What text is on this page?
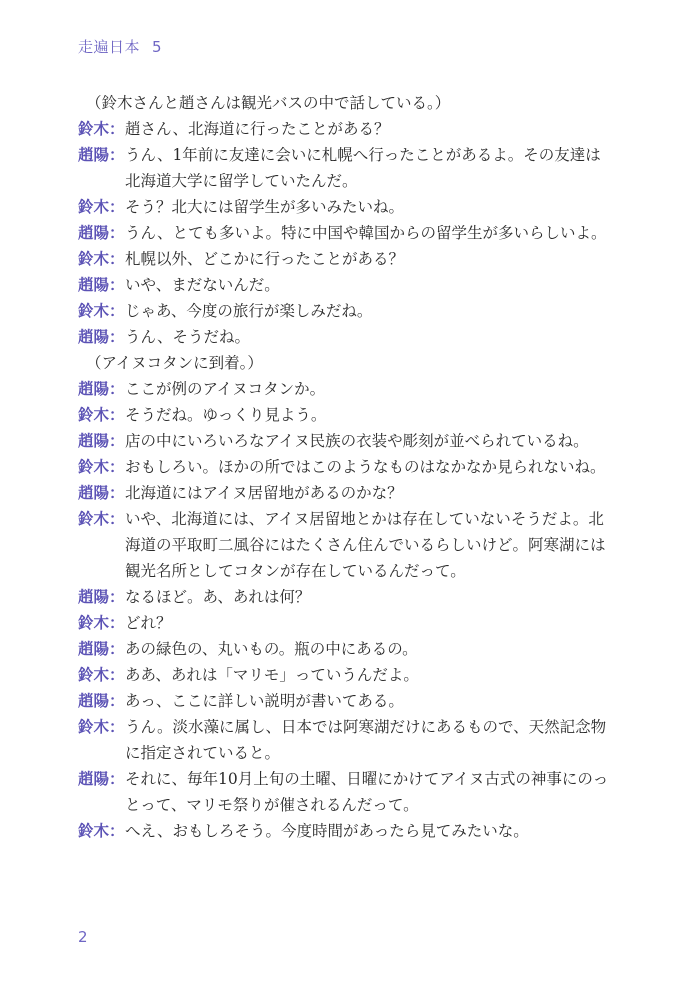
走遍日本 5
（鈴木さんと趙さんは観光バスの中で話している。）
鈴木 ： 趙さん、北海道に行ったことがある？
趙陽 ： うん、1年前に友達に会いに札幌へ行ったことがあるよ。その友達は
北海道大学に留学していたんだ。
鈴木 ： そう？北大には留学生が多いみたいね。
趙陽 ： うん、とても多いよ。特に中国や韓国からの留学生が多いらしいよ。
鈴木 ： 札幌以外、どこかに行ったことがある？
趙陽 ： いや、まだないんだ。
鈴木 ： じゃあ、今度の旅行が楽しみだね。
趙陽 ： うん、そうだね。
（アイヌコタンに到着。）
趙陽 ： ここが例のアイヌコタンか。
鈴木 ： そうだね。ゆっくり見よう。
趙陽 ： 店の中にいろいろなアイヌ民族の衣装や彫刻が並べられているね。
鈴木 ： おもしろい。ほかの所ではこのようなものはなかなか見られないね。
趙陽 ： 北海道にはアイヌ居留地があるのかな？
鈴木 ： いや、北海道には、アイヌ居留地とかは存在していないそうだよ。北
海道の平取町二風谷にはたくさん住んでいるらしいけど。阿寒湖には
観光名所としてコタンが存在しているんだって。
趙陽 ： なるほど。あ、あれは何？
鈴木 ： どれ？
趙陽 ： あの緑色の、丸いもの。瓶の中にあるの。
鈴木 ： ああ、あれは「マリモ」っていうんだよ。
趙陽 ： あっ、ここに詳しい説明が書いてある。
鈴木 ： うん。淡水藻に属し、日本では阿寒湖だけにあるもので、天然記念物
に指定されていると。
趙陽 ： それに、毎年10月上旬の土曜、日曜にかけてアイヌ古式の神事にのっ
とって、マリモ祭りが催されるんだって。
鈴木 ： へえ、おもしろそう。今度時間があったら見てみたいな。
2
